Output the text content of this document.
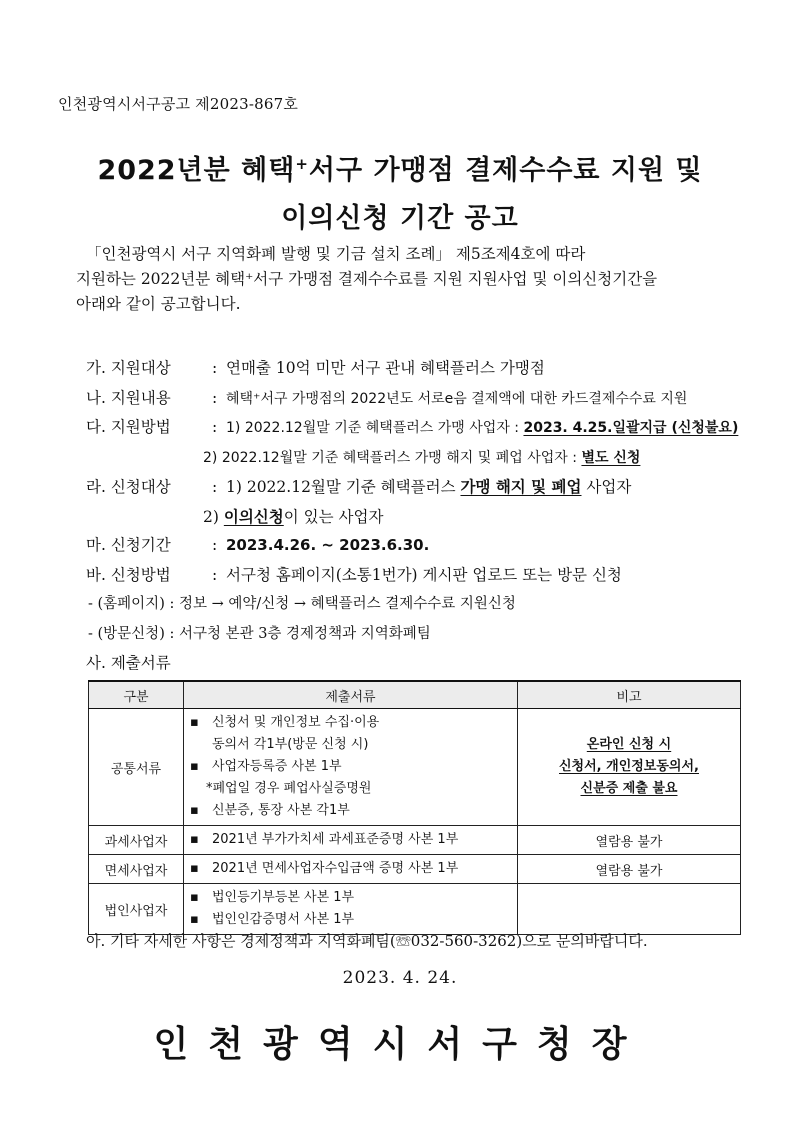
인천광역시서구공고 제2023-867호
2022년분 혜택+서구 가맹점 결제수수료 지원 및
이의신청 기간 공고
「인천광역시 서구 지역화폐 발행 및 기금 설치 조례」 제5조제4호에 따라
지원하는 2022년분 혜택⁺서구 가맹점 결제수수료를 지원 지원사업 및 이의신청기간을
아래와 같이 공고합니다.
가. 지원대상	: 연매출 10억 미만 서구 관내 혜택플러스 가맹점
나. 지원내용	: 혜택⁺서구 가맹점의 2022년도 서로e음 결제액에 대한 카드결제수수료 지원
다. 지원방법	: 1) 2022.12월말 기준 혜택플러스 가맹 사업자 : 2023. 4.25.일괄지급 (신청불요)
2) 2022.12월말 기준 혜택플러스 가맹 해지 및 폐업 사업자 : 별도 신청
라. 신청대상	: 1) 2022.12월말 기준 혜택플러스 가맹 해지 및 폐업 사업자
2) 이의신청이 있는 사업자
마. 신청기간	: 2023.4.26. ~ 2023.6.30.
바. 신청방법	: 서구청 홈페이지(소통1번가) 게시판 업로드 또는 방문 신청
- (홈페이지) : 정보 → 예약/신청 → 혜택플러스 결제수수료 지원신청
- (방문신청) : 서구청 본관 3층 경제정책과 지역화폐팀
사. 제출서류
구분	제출서류	비고
공통서류	▪ 신청서 및 개인정보 수집·이용
동의서 각1부(방문 신청 시)
▪ 사업자등록증 사본 1부
*폐업일 경우 폐업사실증명원
▪ 신분증, 통장 사본 각1부	온라인 신청 시
신청서, 개인정보동의서,
신분증 제출 불요

과세사업자	▪ 2021년 부가가치세 과세표준증명 사본 1부	열람용 불가
면세사업자	▪ 2021년 면세사업자수입금액 증명 사본 1부	열람용 불가
법인사업자	▪ 법인등기부등본 사본 1부
▪ 법인인감증명서 사본 1부	

아. 기타 자세한 사항은 경제정책과 지역화폐팀(☏032-560-3262)으로 문의바랍니다.
2023. 4. 24.
인천광역시서구청장
